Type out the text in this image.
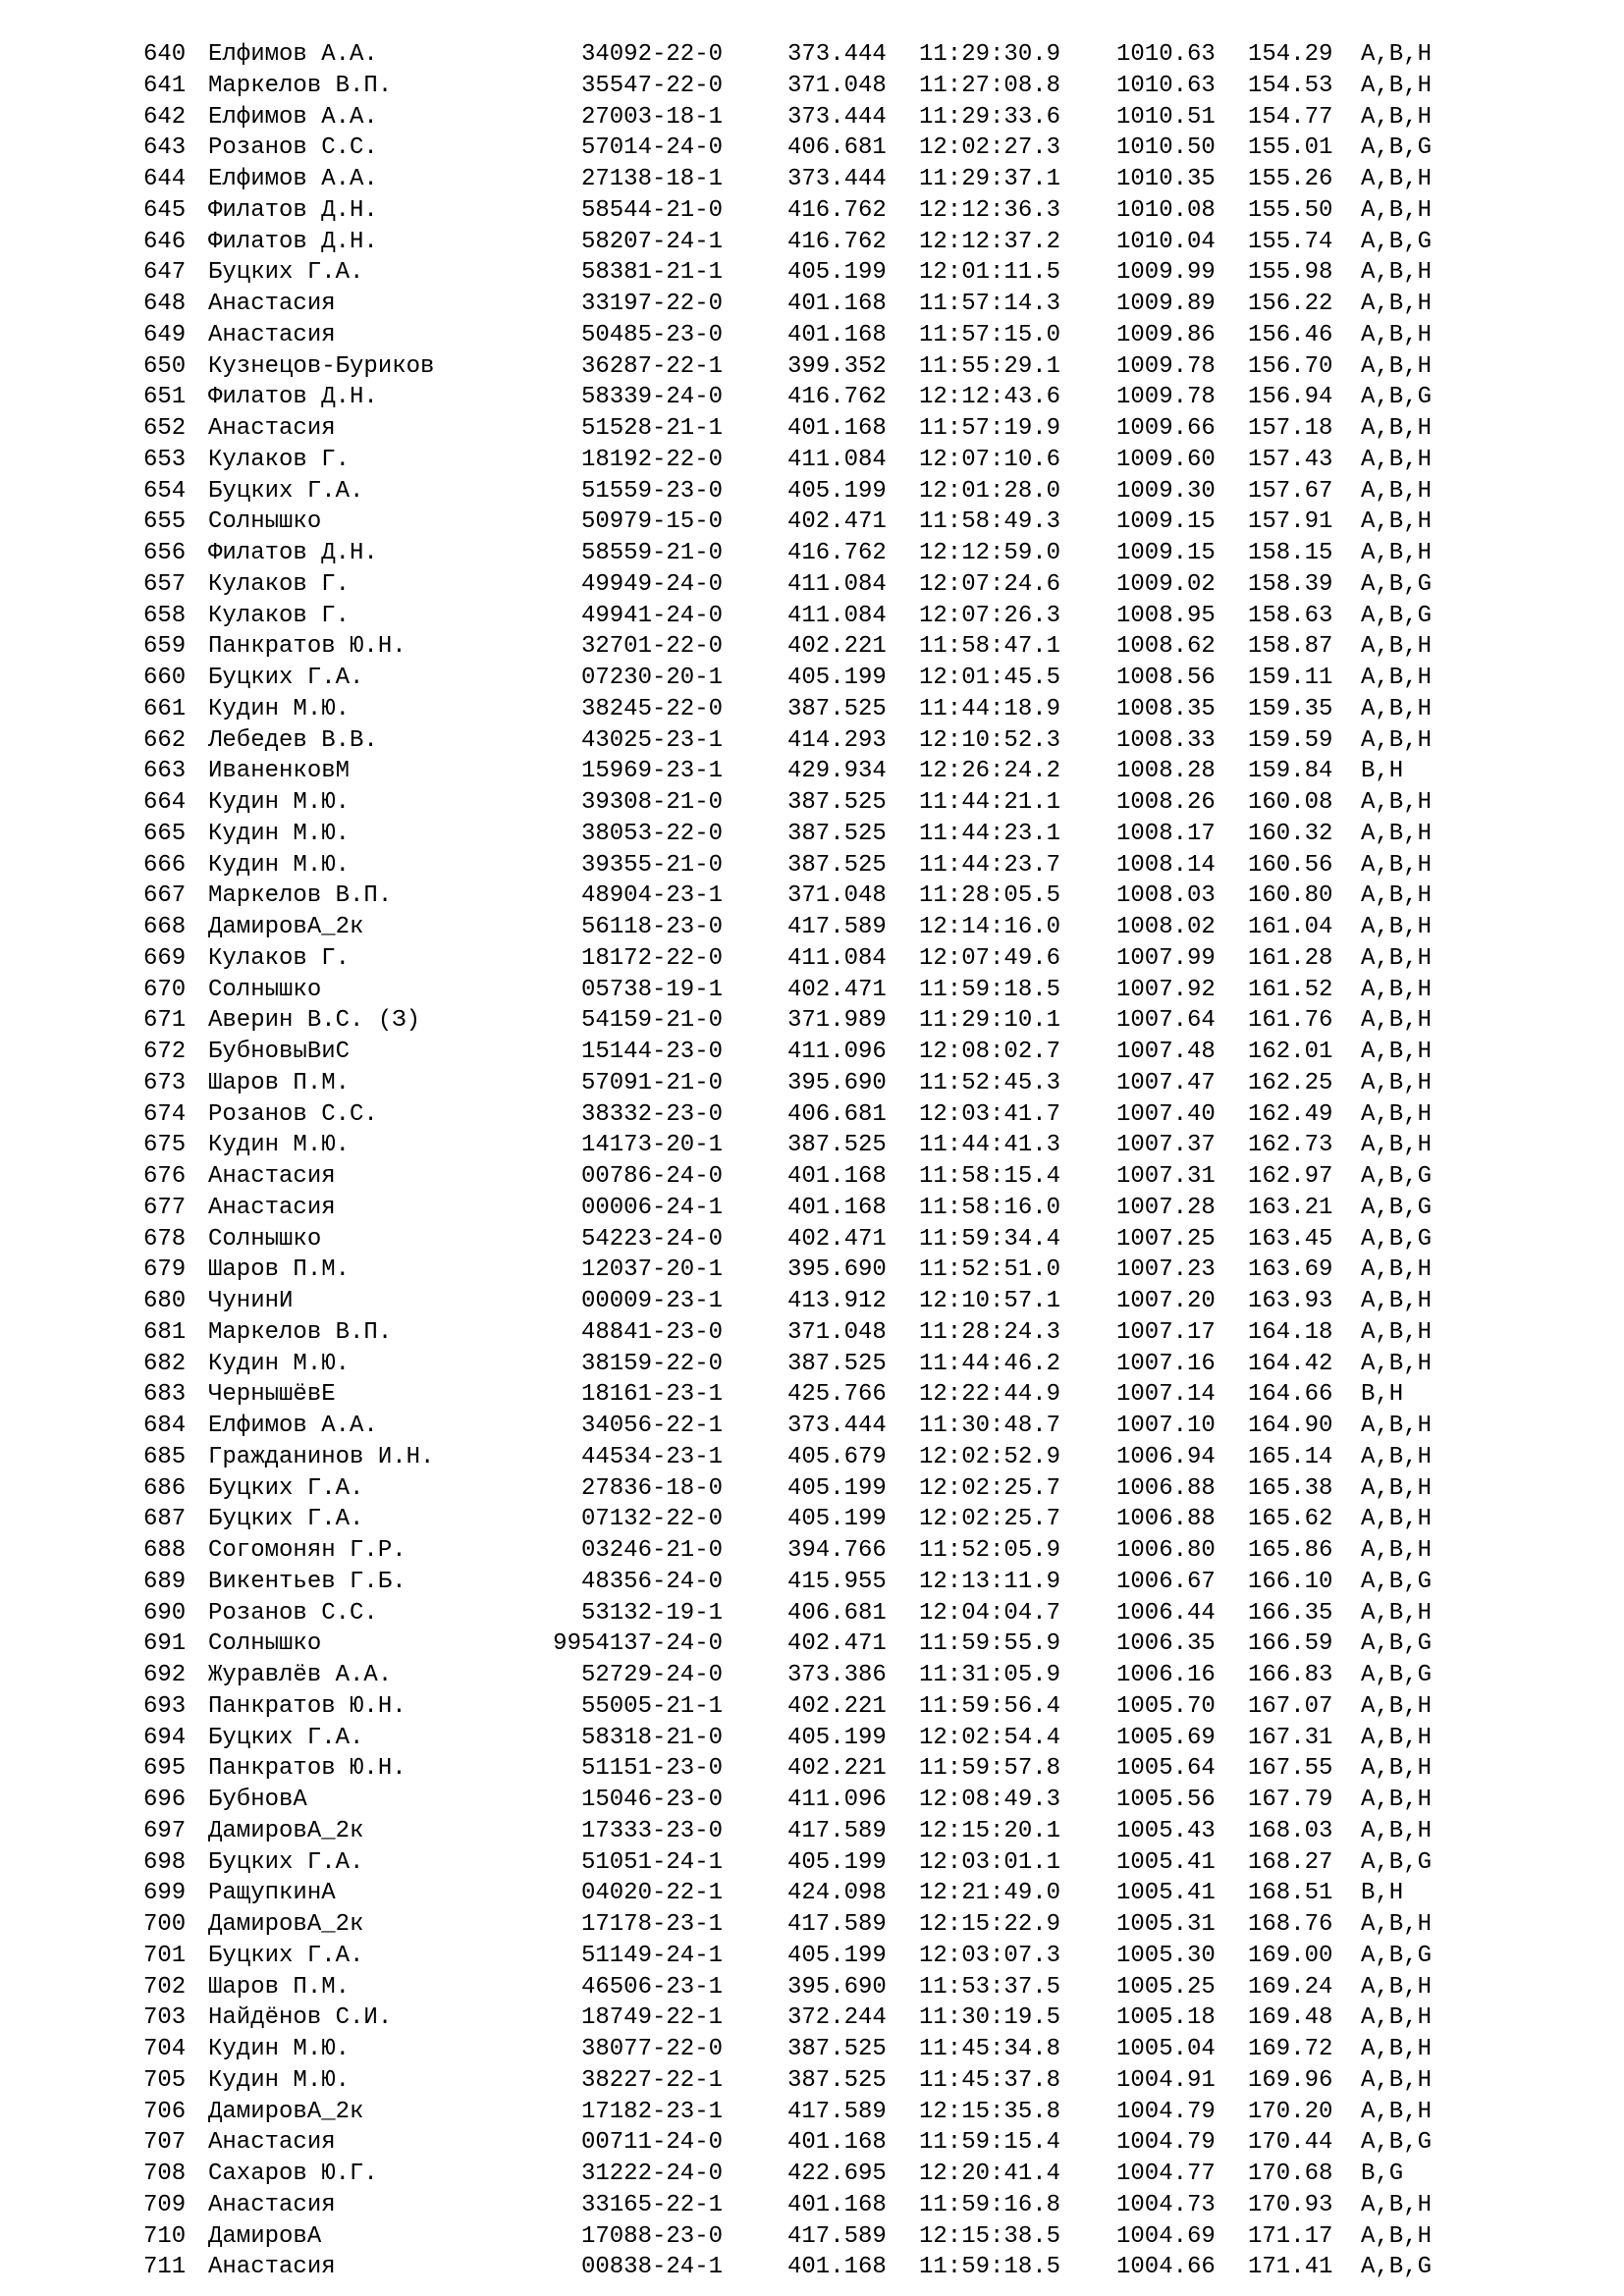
640 Елфимов А.А.	34092-22-0	373.444 11:29:30.9 1010.63 154.29 A,B,H
641 Маркелов В.П.	35547-22-0	371.048 11:27:08.8 1010.63 154.53 A,B,H
642 Елфимов А.А.	27003-18-1	373.444 11:29:33.6 1010.51 154.77 A,B,H
643 Розанов С.С.	57014-24-0	406.681 12:02:27.3 1010.50 155.01 A,B,G
644 Елфимов А.А.	27138-18-1	373.444 11:29:37.1 1010.35 155.26 A,B,H
645 Филатов Д.Н.	58544-21-0	416.762 12:12:36.3 1010.08 155.50 A,B,H
646 Филатов Д.Н.	58207-24-1	416.762 12:12:37.2 1010.04 155.74 A,B,G
647 Буцких Г.А.	58381-21-1	405.199 12:01:11.5 1009.99 155.98 A,B,H
648 Анастасия	33197-22-0	401.168 11:57:14.3 1009.89 156.22 A,B,H
649 Анастасия	50485-23-0	401.168 11:57:15.0 1009.86 156.46 A,B,H
650 Кузнецов-Буриков	36287-22-1	399.352 11:55:29.1 1009.78 156.70 A,B,H
651 Филатов Д.Н.	58339-24-0	416.762 12:12:43.6 1009.78 156.94 A,B,G
652 Анастасия	51528-21-1	401.168 11:57:19.9 1009.66 157.18 A,B,H
653 Кулаков Г.	18192-22-0	411.084 12:07:10.6 1009.60 157.43 A,B,H
654 Буцких Г.А.	51559-23-0	405.199 12:01:28.0 1009.30 157.67 A,B,H
655 Солнышко	50979-15-0	402.471 11:58:49.3 1009.15 157.91 A,B,H
656 Филатов Д.Н.	58559-21-0	416.762 12:12:59.0 1009.15 158.15 A,B,H
657 Кулаков Г.	49949-24-0	411.084 12:07:24.6 1009.02 158.39 A,B,G
658 Кулаков Г.	49941-24-0	411.084 12:07:26.3 1008.95 158.63 A,B,G
659 Панкратов Ю.Н.	32701-22-0	402.221 11:58:47.1 1008.62 158.87 A,B,H
660 Буцких Г.А.	07230-20-1	405.199 12:01:45.5 1008.56 159.11 A,B,H
661 Кудин М.Ю.	38245-22-0	387.525 11:44:18.9 1008.35 159.35 A,B,H
662 Лебедев В.В.	43025-23-1	414.293 12:10:52.3 1008.33 159.59 A,B,H
663 ИваненковМ	15969-23-1	429.934 12:26:24.2 1008.28 159.84 B,H
664 Кудин М.Ю.	39308-21-0	387.525 11:44:21.1 1008.26 160.08 A,B,H
665 Кудин М.Ю.	38053-22-0	387.525 11:44:23.1 1008.17 160.32 A,B,H
666 Кудин М.Ю.	39355-21-0	387.525 11:44:23.7 1008.14 160.56 A,B,H
667 Маркелов В.П.	48904-23-1	371.048 11:28:05.5 1008.03 160.80 A,B,H
668 ДамировА_2к	56118-23-0	417.589 12:14:16.0 1008.02 161.04 A,B,H
669 Кулаков Г.	18172-22-0	411.084 12:07:49.6 1007.99 161.28 A,B,H
670 Солнышко	05738-19-1	402.471 11:59:18.5 1007.92 161.52 A,B,H
671 Аверин В.С. (З)	54159-21-0	371.989 11:29:10.1 1007.64 161.76 A,B,H
672 БубновыВиС	15144-23-0	411.096 12:08:02.7 1007.48 162.01 A,B,H
673 Шаров П.М.	57091-21-0	395.690 11:52:45.3 1007.47 162.25 A,B,H
674 Розанов С.С.	38332-23-0	406.681 12:03:41.7 1007.40 162.49 A,B,H
675 Кудин М.Ю.	14173-20-1	387.525 11:44:41.3 1007.37 162.73 A,B,H
676 Анастасия	00786-24-0	401.168 11:58:15.4 1007.31 162.97 A,B,G
677 Анастасия	00006-24-1	401.168 11:58:16.0 1007.28 163.21 A,B,G
678 Солнышко	54223-24-0	402.471 11:59:34.4 1007.25 163.45 A,B,G
679 Шаров П.М.	12037-20-1	395.690 11:52:51.0 1007.23 163.69 A,B,H
680 ЧунинИ	00009-23-1	413.912 12:10:57.1 1007.20 163.93 A,B,H
681 Маркелов В.П.	48841-23-0	371.048 11:28:24.3 1007.17 164.18 A,B,H
682 Кудин М.Ю.	38159-22-0	387.525 11:44:46.2 1007.16 164.42 A,B,H
683 ЧернышёвЕ	18161-23-1	425.766 12:22:44.9 1007.14 164.66 B,H
684 Елфимов А.А.	34056-22-1	373.444 11:30:48.7 1007.10 164.90 A,B,H
685 Гражданинов И.Н.	44534-23-1	405.679 12:02:52.9 1006.94 165.14 A,B,H
686 Буцких Г.А.	27836-18-0	405.199 12:02:25.7 1006.88 165.38 A,B,H
687 Буцких Г.А.	07132-22-0	405.199 12:02:25.7 1006.88 165.62 A,B,H
688 Согомонян Г.Р.	03246-21-0	394.766 11:52:05.9 1006.80 165.86 A,B,H
689 Викентьев Г.Б.	48356-24-0	415.955 12:13:11.9 1006.67 166.10 A,B,G
690 Розанов С.С.	53132-19-1	406.681 12:04:04.7 1006.44 166.35 A,B,H
691 Солнышко	9954137-24-0	402.471 11:59:55.9 1006.35 166.59 A,B,G
692 Журавлёв А.А.	52729-24-0	373.386 11:31:05.9 1006.16 166.83 A,B,G
693 Панкратов Ю.Н.	55005-21-1	402.221 11:59:56.4 1005.70 167.07 A,B,H
694 Буцких Г.А.	58318-21-0	405.199 12:02:54.4 1005.69 167.31 A,B,H
695 Панкратов Ю.Н.	51151-23-0	402.221 11:59:57.8 1005.64 167.55 A,B,H
696 БубновА	15046-23-0	411.096 12:08:49.3 1005.56 167.79 A,B,H
697 ДамировА_2к	17333-23-0	417.589 12:15:20.1 1005.43 168.03 A,B,H
698 Буцких Г.А.	51051-24-1	405.199 12:03:01.1 1005.41 168.27 A,B,G
699 РащупкинА	04020-22-1	424.098 12:21:49.0 1005.41 168.51 B,H
700 ДамировА_2к	17178-23-1	417.589 12:15:22.9 1005.31 168.76 A,B,H
701 Буцких Г.А.	51149-24-1	405.199 12:03:07.3 1005.30 169.00 A,B,G
702 Шаров П.М.	46506-23-1	395.690 11:53:37.5 1005.25 169.24 A,B,H
703 Найдёнов С.И.	18749-22-1	372.244 11:30:19.5 1005.18 169.48 A,B,H
704 Кудин М.Ю.	38077-22-0	387.525 11:45:34.8 1005.04 169.72 A,B,H
705 Кудин М.Ю.	38227-22-1	387.525 11:45:37.8 1004.91 169.96 A,B,H
706 ДамировА_2к	17182-23-1	417.589 12:15:35.8 1004.79 170.20 A,B,H
707 Анастасия	00711-24-0	401.168 11:59:15.4 1004.79 170.44 A,B,G
708 Сахаров Ю.Г.	31222-24-0	422.695 12:20:41.4 1004.77 170.68 B,G
709 Анастасия	33165-22-1	401.168 11:59:16.8 1004.73 170.93 A,B,H
710 ДамировА	17088-23-0	417.589 12:15:38.5 1004.69 171.17 A,B,H
711 Анастасия	00838-24-1	401.168 11:59:18.5 1004.66 171.41 A,B,G
